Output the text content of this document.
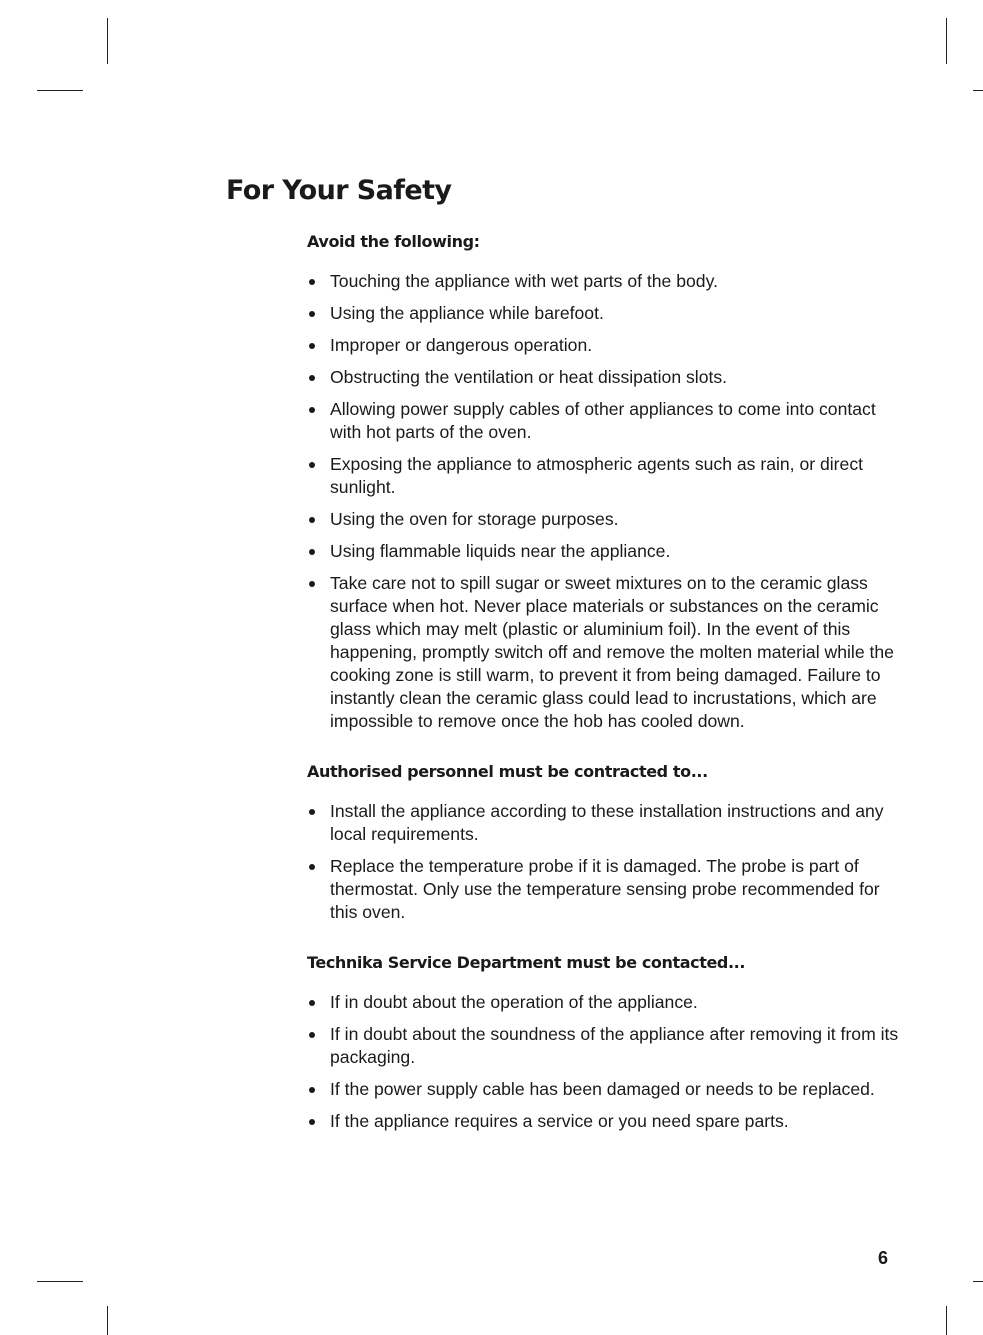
For Your Safety
Avoid the following:
Touching the appliance with wet parts of the body.
Using the appliance while barefoot.
Improper or dangerous operation.
Obstructing the ventilation or heat dissipation slots.
Allowing power supply cables of other appliances to come into contact with hot parts of the oven.
Exposing the appliance to atmospheric agents such as rain, or direct sunlight.
Using the oven for storage purposes.
Using flammable liquids near the appliance.
Take care not to spill sugar or sweet mixtures on to the ceramic glass surface when hot. Never place materials or substances on the ceramic glass which may melt (plastic or aluminium foil). In the event of this happening, promptly switch off and remove the molten material while the cooking zone is still warm, to prevent it from being damaged. Failure to instantly clean the ceramic glass could lead to incrustations, which are impossible to remove once the hob has cooled down.
Authorised personnel must be contracted to...
Install the appliance according to these installation instructions and any local requirements.
Replace the temperature probe if it is damaged. The probe is part of thermostat. Only use the temperature sensing probe recommended for this oven.
Technika Service Department must be contacted...
If in doubt about the operation of the appliance.
If in doubt about the soundness of the appliance after removing it from its packaging.
If the power supply cable has been damaged or needs to be replaced.
If the appliance requires a service or you need spare parts.
6
